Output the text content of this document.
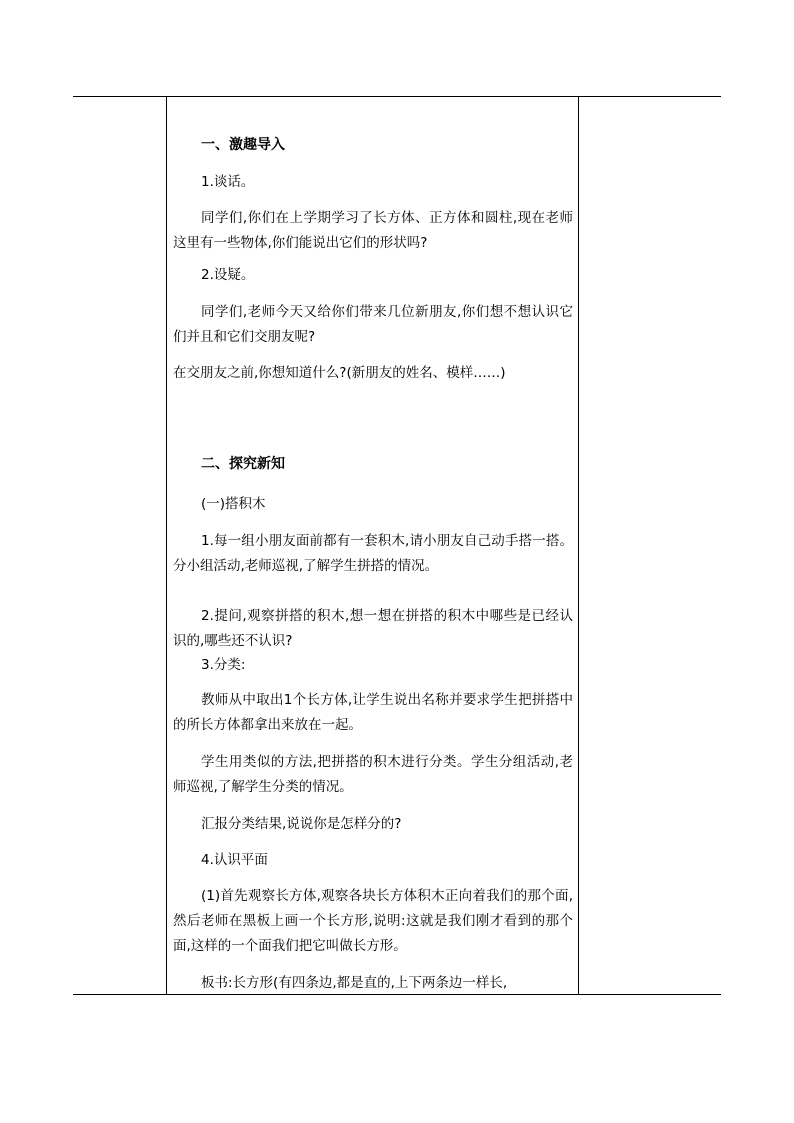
一、激趣导入
1.谈话。
同学们,你们在上学期学习了长方体、正方体和圆柱,现在老师这里有一些物体,你们能说出它们的形状吗?
2.设疑。
同学们,老师今天又给你们带来几位新朋友,你们想不想认识它们并且和它们交朋友呢?
在交朋友之前,你想知道什么?(新朋友的姓名、模样……)
二、探究新知
(一)搭积木
1.每一组小朋友面前都有一套积木,请小朋友自己动手搭一搭。分小组活动,老师巡视,了解学生拼搭的情况。
2.提问,观察拼搭的积木,想一想在拼搭的积木中哪些是已经认识的,哪些还不认识?
3.分类:
教师从中取出1个长方体,让学生说出名称并要求学生把拼搭中的所长方体都拿出来放在一起。
学生用类似的方法,把拼搭的积木进行分类。学生分组活动,老师巡视,了解学生分类的情况。
汇报分类结果,说说你是怎样分的?
4.认识平面
(1)首先观察长方体,观察各块长方体积木正向着我们的那个面,然后老师在黑板上画一个长方形,说明:这就是我们刚才看到的那个面,这样的一个面我们把它叫做长方形。
板书:长方形(有四条边,都是直的,上下两条边一样长,
